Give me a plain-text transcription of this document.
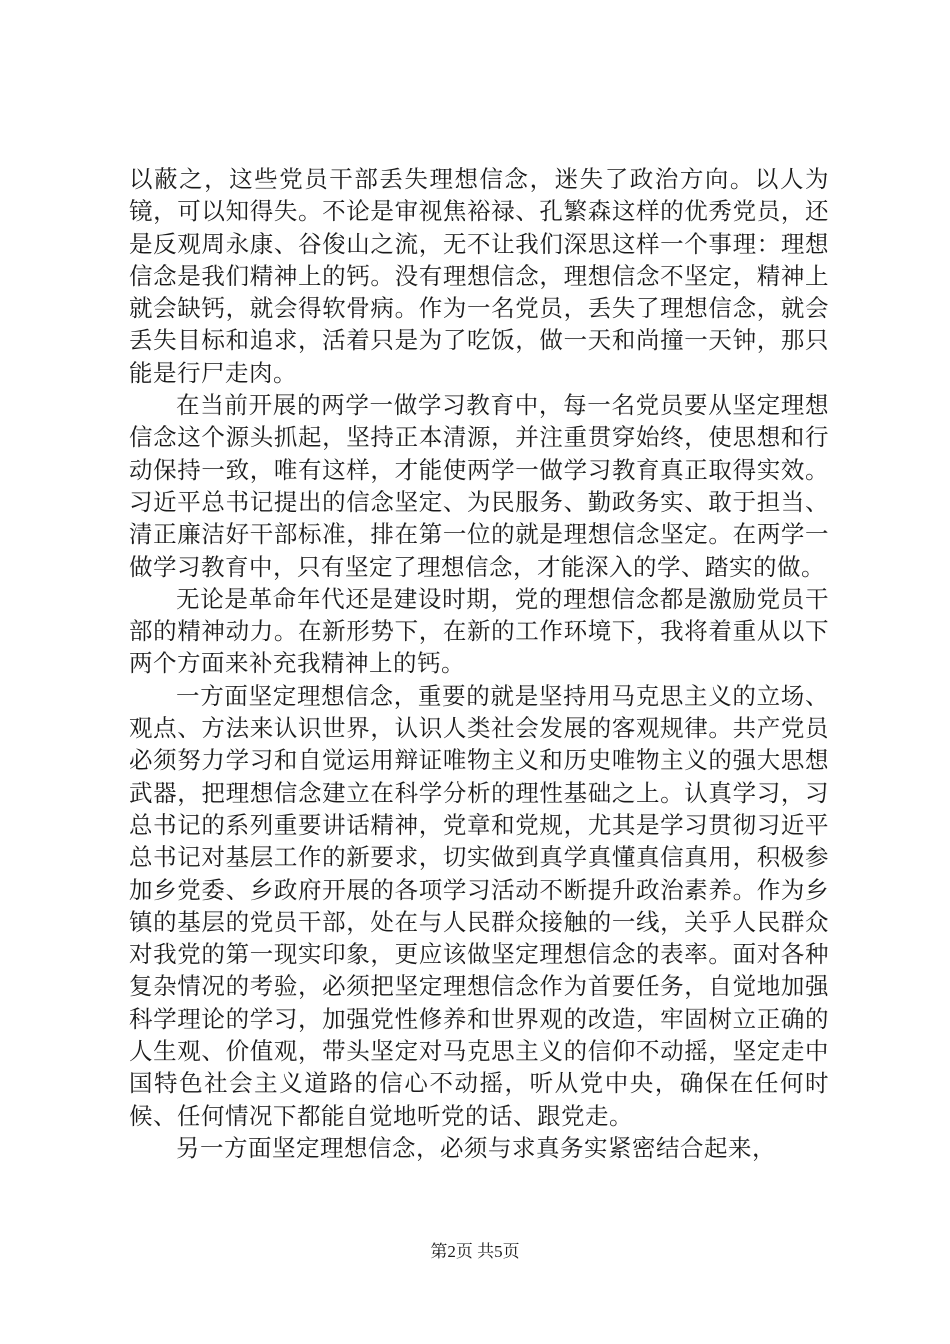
以蔽之，这些党员干部丢失理想信念，迷失了政治方向。以人为镜，可以知得失。不论是审视焦裕禄、孔繁森这样的优秀党员，还是反观周永康、谷俊山之流，无不让我们深思这样一个事理：理想信念是我们精神上的钙。没有理想信念，理想信念不坚定，精神上就会缺钙，就会得软骨病。作为一名党员，丢失了理想信念，就会丢失目标和追求，活着只是为了吃饭，做一天和尚撞一天钟，那只能是行尸走肉。

在当前开展的两学一做学习教育中，每一名党员要从坚定理想信念这个源头抓起，坚持正本清源，并注重贯穿始终，使思想和行动保持一致，唯有这样，才能使两学一做学习教育真正取得实效。习近平总书记提出的信念坚定、为民服务、勤政务实、敢于担当、清正廉洁好干部标准，排在第一位的就是理想信念坚定。在两学一做学习教育中，只有坚定了理想信念，才能深入的学、踏实的做。

无论是革命年代还是建设时期，党的理想信念都是激励党员干部的精神动力。在新形势下，在新的工作环境下，我将着重从以下两个方面来补充我精神上的钙。

一方面坚定理想信念，重要的就是坚持用马克思主义的立场、观点、方法来认识世界，认识人类社会发展的客观规律。共产党员必须努力学习和自觉运用辩证唯物主义和历史唯物主义的强大思想武器，把理想信念建立在科学分析的理性基础之上。认真学习，习总书记的系列重要讲话精神，党章和党规，尤其是学习贯彻习近平总书记对基层工作的新要求，切实做到真学真懂真信真用，积极参加乡党委、乡政府开展的各项学习活动不断提升政治素养。作为乡镇的基层的党员干部，处在与人民群众接触的一线，关乎人民群众对我党的第一现实印象，更应该做坚定理想信念的表率。面对各种复杂情况的考验，必须把坚定理想信念作为首要任务，自觉地加强科学理论的学习，加强党性修养和世界观的改造，牢固树立正确的人生观、价值观，带头坚定对马克思主义的信仰不动摇，坚定走中国特色社会主义道路的信心不动摇，听从党中央，确保在任何时候、任何情况下都能自觉地听党的话、跟党走。

另一方面坚定理想信念，必须与求真务实紧密结合起来，

第2页 共5页
